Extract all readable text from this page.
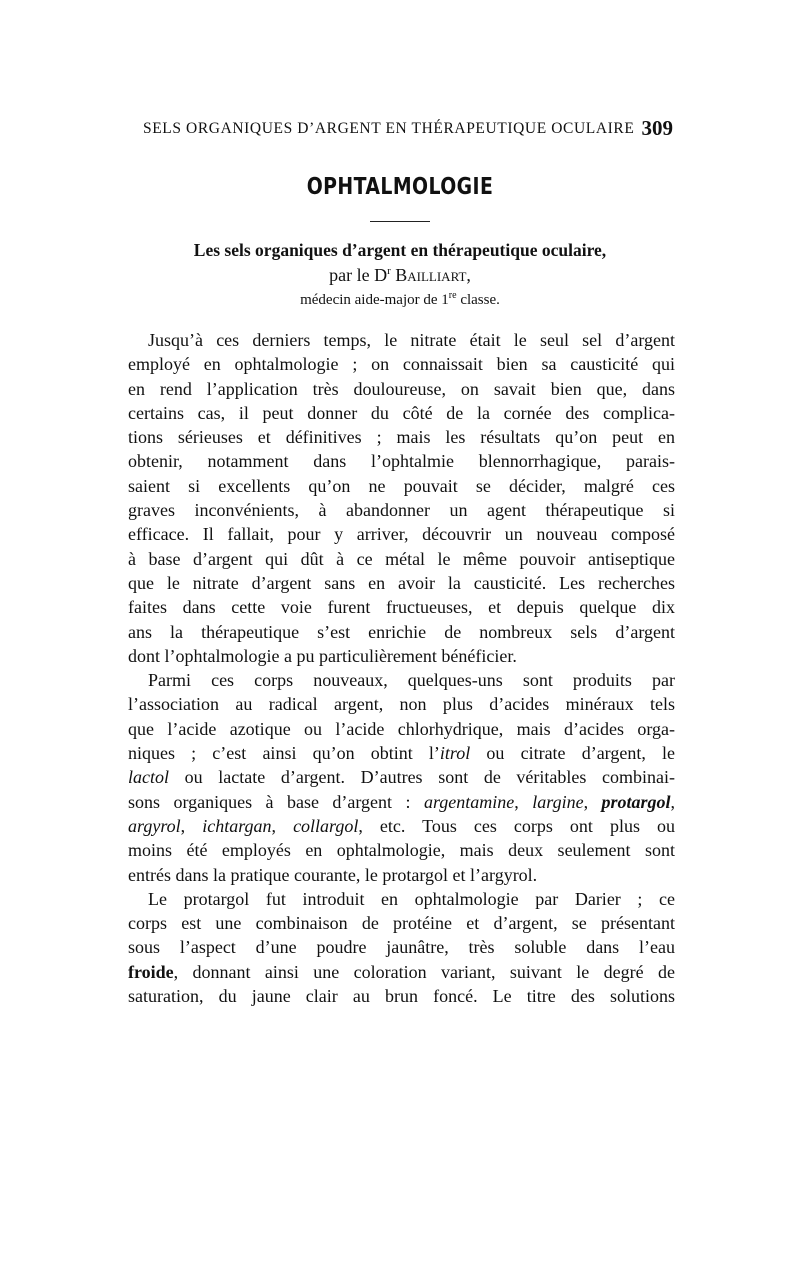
SELS ORGANIQUES D’ARGENT EN THÉRAPEUTIQUE OCULAIRE 309
OPHTALMOLOGIE
Les sels organiques d’argent en thérapeutique oculaire,
par le $D^r$ Bailliart,
médecin aide-major de 1re classe.
Jusqu’à ces derniers temps, le nitrate était le seul sel d’argent
employé en ophtalmologie ; on connaissait bien sa causticité qui
en rend l’application très douloureuse, on savait bien que, dans
certains cas, il peut donner du côté de la cornée des complica-
tions sérieuses et définitives ; mais les résultats qu’on peut en
obtenir, notamment dans l’ophtalmie blennorrhagique, parais-
saient si excellents qu’on ne pouvait se décider, malgré ces
graves inconvénients, à abandonner un agent thérapeutique si
efficace. Il fallait, pour y arriver, découvrir un nouveau composé
à base d’argent qui dût à ce métal le même pouvoir antiseptique
que le nitrate d’argent sans en avoir la causticité. Les recherches
faites dans cette voie furent fructueuses, et depuis quelque dix
ans la thérapeutique s’est enrichie de nombreux sels d’argent
dont l’ophtalmologie a pu particulièrement bénéficier.
Parmi ces corps nouveaux, quelques-uns sont produits par
l’association au radical argent, non plus d’acides minéraux tels
que l’acide azotique ou l’acide chlorhydrique, mais d’acides orga-
niques ; c’est ainsi qu’on obtint l’itrol ou citrate d’argent, le
lactol ou lactate d’argent. D’autres sont de véritables combinai-
sons organiques à base d’argent : argentamine, largine, protargol,
argyrol, ichtargan, collargol, etc. Tous ces corps ont plus ou
moins été employés en ophtalmologie, mais deux seulement sont
entrés dans la pratique courante, le protargol et l’argyrol.
Le protargol fut introduit en ophtalmologie par Darier ; ce
corps est une combinaison de protéine et d’argent, se présentant
sous l’aspect d’une poudre jaunâtre, très soluble dans l’eau
froide, donnant ainsi une coloration variant, suivant le degré de
saturation, du jaune clair au brun foncé. Le titre des solutions
